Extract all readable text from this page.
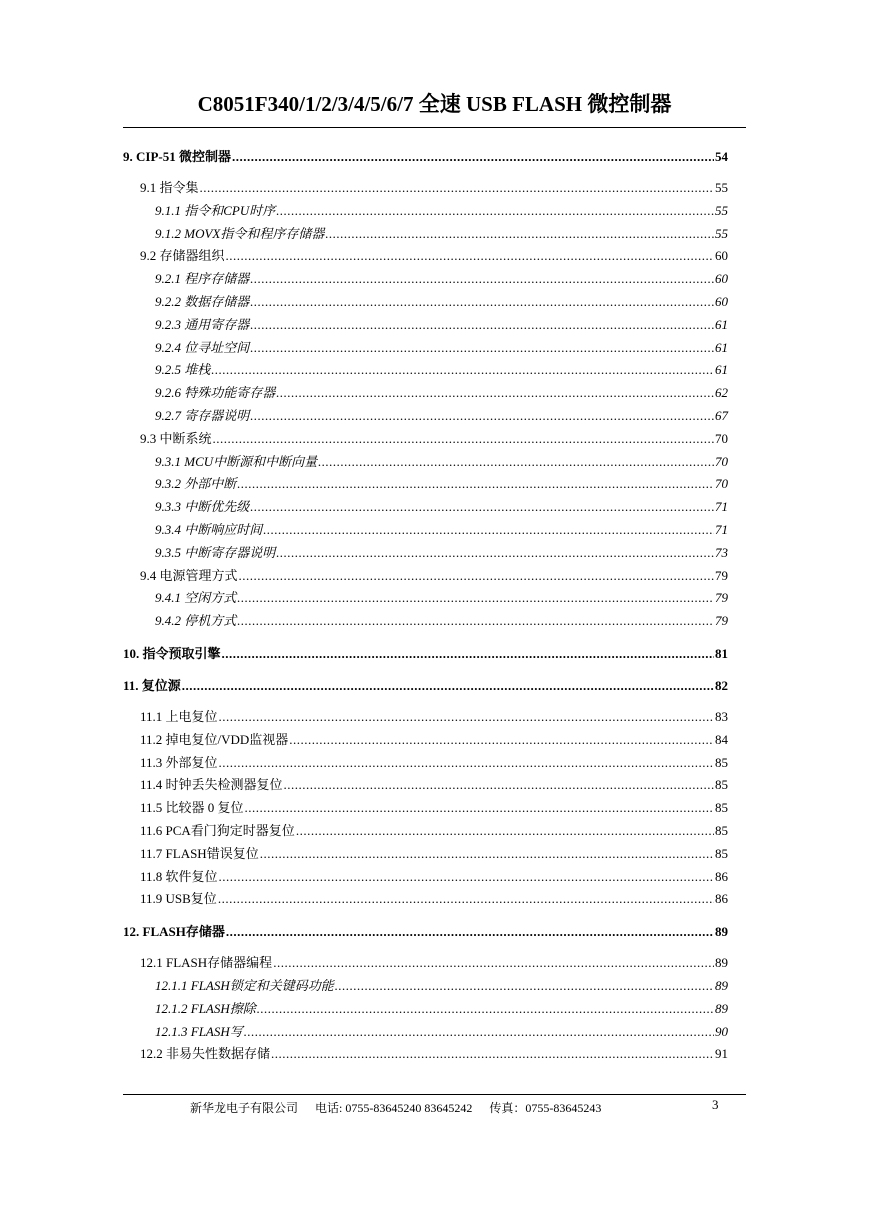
C8051F340/1/2/3/4/5/6/7 全速 USB FLASH 微控制器
9. CIP-51 微控制器 .....	54
9.1 指令集 .....	55
9.1.1 指令和CPU时序 .....	55
9.1.2 MOVX指令和程序存储器 .....	55
9.2 存储器组织 .....	60
9.2.1 程序存储器 .....	60
9.2.2 数据存储器 .....	60
9.2.3 通用寄存器 .....	61
9.2.4 位寻址空间 .....	61
9.2.5 堆栈 .....	61
9.2.6 特殊功能寄存器 .....	62
9.2.7 寄存器说明 .....	67
9.3 中断系统 .....	70
9.3.1 MCU中断源和中断向量 .....	70
9.3.2 外部中断 .....	70
9.3.3 中断优先级 .....	71
9.3.4 中断响应时间 .....	71
9.3.5 中断寄存器说明 .....	73
9.4 电源管理方式 .....	79
9.4.1 空闲方式 .....	79
9.4.2 停机方式 .....	79
10. 指令预取引擎 .....	81
11. 复位源 .....	82
11.1 上电复位 .....	83
11.2 掉电复位/VDD监视器 .....	84
11.3 外部复位 .....	85
11.4 时钟丢失检测器复位 .....	85
11.5 比较器 0 复位 .....	85
11.6 PCA看门狗定时器复位 .....	85
11.7 FLASH错误复位 .....	85
11.8 软件复位 .....	86
11.9 USB复位 .....	86
12. FLASH存储器 .....	89
12.1 FLASH存储器编程 .....	89
12.1.1 FLASH锁定和关键码功能 .....	89
12.1.2 FLASH擦除 .....	89
12.1.3 FLASH写 .....	90
12.2 非易失性数据存储 .....	91
新华龙电子有限公司 电话: 0755-83645240 83645242 传真：0755-83645243	3
